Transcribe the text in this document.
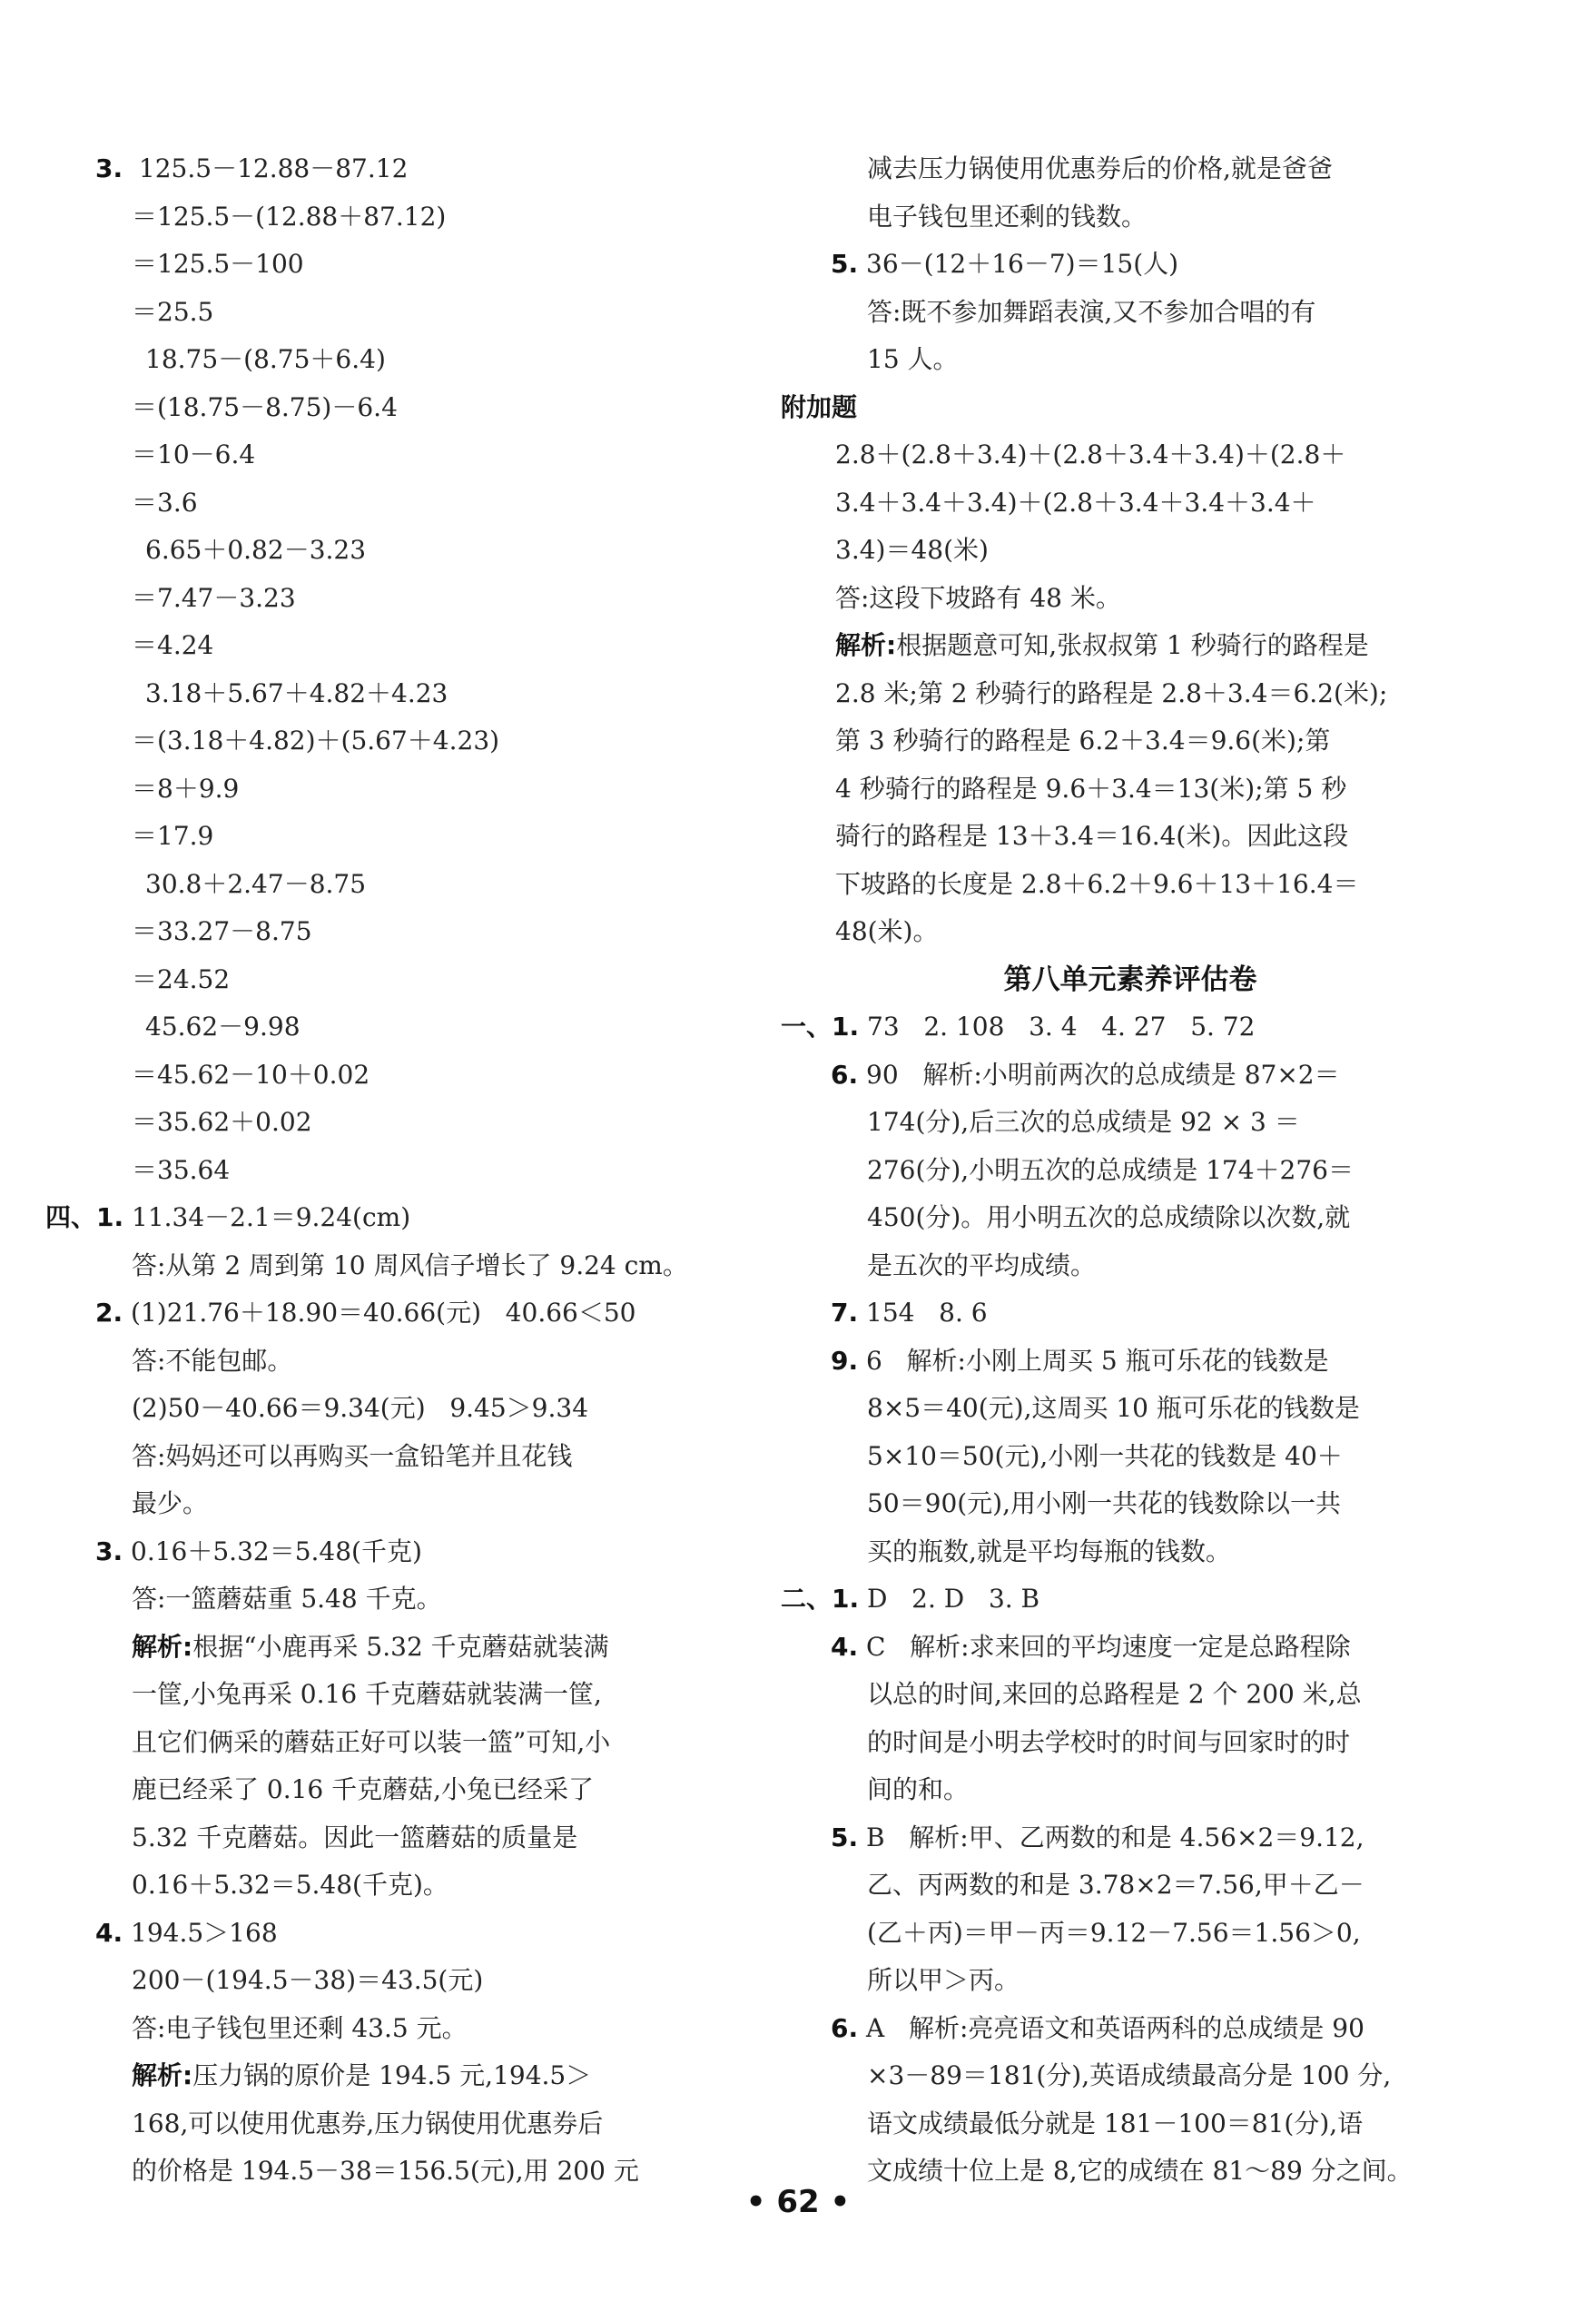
3.  125.5－12.88－87.12
＝125.5－(12.88＋87.12)
＝125.5－100
＝25.5
18.75－(8.75＋6.4)
＝(18.75－8.75)－6.4
＝10－6.4
＝3.6
6.65＋0.82－3.23
＝7.47－3.23
＝4.24
3.18＋5.67＋4.82＋4.23
＝(3.18＋4.82)＋(5.67＋4.23)
＝8＋9.9
＝17.9
30.8＋2.47－8.75
＝33.27－8.75
＝24.52
45.62－9.98
＝45.62－10＋0.02
＝35.62＋0.02
＝35.64
四、1. 11.34－2.1＝9.24(cm)
答:从第 2 周到第 10 周风信子增长了 9.24 cm。
2. (1)21.76＋18.90＝40.66(元)   40.66＜50
答:不能包邮。
(2)50－40.66＝9.34(元)   9.45＞9.34
答:妈妈还可以再购买一盒铅笔并且花钱
最少。
3. 0.16＋5.32＝5.48(千克)
答:一篮蘑菇重 5.48 千克。
解析:根据“小鹿再采 5.32 千克蘑菇就装满
一筐,小兔再采 0.16 千克蘑菇就装满一筐,
且它们俩采的蘑菇正好可以装一篮”可知,小
鹿已经采了 0.16 千克蘑菇,小兔已经采了
5.32 千克蘑菇。因此一篮蘑菇的质量是
0.16＋5.32＝5.48(千克)。
4. 194.5＞168
200－(194.5－38)＝43.5(元)
答:电子钱包里还剩 43.5 元。
解析:压力锅的原价是 194.5 元,194.5＞
168,可以使用优惠券,压力锅使用优惠券后
的价格是 194.5－38＝156.5(元),用 200 元
减去压力锅使用优惠券后的价格,就是爸爸
电子钱包里还剩的钱数。
5. 36－(12＋16－7)＝15(人)
答:既不参加舞蹈表演,又不参加合唱的有
15 人。
附加题
2.8＋(2.8＋3.4)＋(2.8＋3.4＋3.4)＋(2.8＋
3.4＋3.4＋3.4)＋(2.8＋3.4＋3.4＋3.4＋
3.4)＝48(米)
答:这段下坡路有 48 米。
解析:根据题意可知,张叔叔第 1 秒骑行的路程是
2.8 米;第 2 秒骑行的路程是 2.8＋3.4＝6.2(米);
第 3 秒骑行的路程是 6.2＋3.4＝9.6(米);第
4 秒骑行的路程是 9.6＋3.4＝13(米);第 5 秒
骑行的路程是 13＋3.4＝16.4(米)。因此这段
下坡路的长度是 2.8＋6.2＋9.6＋13＋16.4＝
48(米)。
第八单元素养评估卷
一、1. 73   2. 108   3. 4   4. 27   5. 72
6. 90   解析:小明前两次的总成绩是 87×2＝
174(分),后三次的总成绩是 92 × 3 ＝
276(分),小明五次的总成绩是 174＋276＝
450(分)。用小明五次的总成绩除以次数,就
是五次的平均成绩。
7. 154   8. 6
9. 6   解析:小刚上周买 5 瓶可乐花的钱数是
8×5＝40(元),这周买 10 瓶可乐花的钱数是
5×10＝50(元),小刚一共花的钱数是 40＋
50＝90(元),用小刚一共花的钱数除以一共
买的瓶数,就是平均每瓶的钱数。
二、1. D   2. D   3. B
4. C   解析:求来回的平均速度一定是总路程除
以总的时间,来回的总路程是 2 个 200 米,总
的时间是小明去学校时的时间与回家时的时
间的和。
5. B   解析:甲、乙两数的和是 4.56×2＝9.12,
乙、丙两数的和是 3.78×2＝7.56,甲＋乙－
(乙＋丙)＝甲－丙＝9.12－7.56＝1.56＞0,
所以甲＞丙。
6. A   解析:亮亮语文和英语两科的总成绩是 90
×3－89＝181(分),英语成绩最高分是 100 分,
语文成绩最低分就是 181－100＝81(分),语
文成绩十位上是 8,它的成绩在 81～89 分之间。
• 62 •
